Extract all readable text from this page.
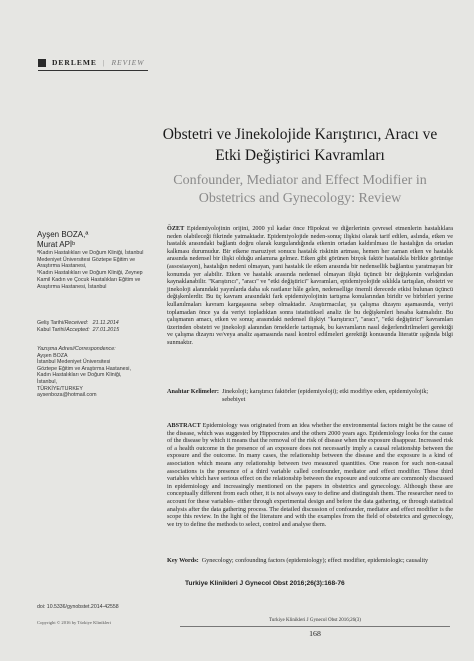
DERLEME | REVIEW
Obstetri ve Jinekolojide Karıştırıcı, Aracı ve Etki Değiştirici Kavramları
Confounder, Mediator and Effect Modifier in Obstetrics and Gynecology: Review
Ayşen BOZA,ª
Murat APİᵇ
ªKadın Hastalıkları ve Doğum Kliniği, İstanbul Medeniyet Üniversitesi Göztepe Eğitim ve Araştırma Hastanesi,
ᵇKadın Hastalıkları ve Doğum Kliniği, Zeynep Kamil Kadın ve Çocuk Hastalıkları Eğitim ve Araştırma Hastanesi, İstanbul
Geliş Tarihi/Received:	21.11.2014
Kabul Tarihi/Accepted:	27.01.2015
Yazışma Adresi/Correspondence:
Ayşen BOZA
İstanbul Medeniyet Üniversitesi
Göztepe Eğitim ve Araştırma Hastanesi,
Kadın Hastalıkları ve Doğum Kliniği,
İstanbul,
TÜRKİYE/TURKEY
aysenboza@hotmail.com
doi: 10.5336/gynobstet.2014-42558
Copyright © 2016 by Türkiye Klinikleri
ÖZET Epidemiyolojinin orijini, 2000 yıl kadar önce Hipokrat ve diğerlerinin çevresel etmenlerin hastalıklara neden olabileceği fikrinde yatmaktadır. Epidemiyolojide neden-sonuç ilişkisi olarak tarif edilen, aslında, etken ve hastalık arasındaki bağlantı doğru olarak kurgulandığında etkenin ortadan kaldırılması ile hastalığın da ortadan kalkması durumudur. Bir etkene maruziyet sonucu hastalık riskinin artması, hemen her zaman etken ve hastalık arasında nedensel bir ilişki olduğu anlamına gelmez. Etken gibi görünen birçok faktör hastalıkla birlikte görünüşe (assosiasyon), hastalığın nedeni olmayan, yani hastalık ile etken arasında bir nedensellik bağlantısı yaratmayan bir konumda yer alabilir. Etken ve hastalık arasında nedensel olmayan ilişki üçüncü bir değişkenin varlığından kaynaklanabilir. "Karıştırıcı", "aracı" ve "etki değiştirici" kavramları, epidemiyolojide sıklıkla tartışılan, obstetri ve jinekoloji alanındaki yayınlarda daha sık rastlanır hâle gelen, nedensellige önemli derecede etkisi bulunan üçüncü değişkenlerdir. Bu üç kavram arasındaki fark epidemiyolojinin tartışma konularından biridir ve birbirleri yerine kullanılmaları kavram kargaşasına sebep olmaktadır. Araştırmacılar, ya çalışma dizaynı aşamasında, veriyi toplamadan önce ya da veriyi topladıktan sonra istatistiksel analiz ile bu değişkenleri hesaba katmalıdır. Bu çalışmanın amacı, etken ve sonuç arasındaki nedensel ilişkiyi "karıştırıcı", "aracı", "etki değiştirici" kavramları üzerinden obstetri ve jinekoloji alanından örneklerle tartışmak, bu kavramların nasıl değerlendirilmeleri gerektiği ve çalışma dizaynı ve/veya analiz aşamasında nasıl kontrol edilmeleri gerektiği konusunda literatür ışığında bilgi sunmaktır.
Anahtar Kelimeler: Jinekoloji; karıştırıcı faktörler (epidemiyoloji); etki modifiye eden, epidemiyolojik; sebebiyet
ABSTRACT Epidemiology was originated from an idea whether the environmental factors might be the cause of the disease, which was suggested by Hippocrates and the others 2000 years ago. Epidemiology looks for the cause of the disease by which it means that the removal of the risk of disease when the exposure disappear. Increased risk of a health outcome in the presence of an exposure does not necessarily imply a causal relationship between the exposure and the outcome. In many cases, the relationship between the disease and the exposure is a kind of association which means any relationship between two measured quantities. One reason for such non-causal associations is the presence of a third variable called confounder, mediator and effect modifier. These third variables which have serious effect on the relationship between the exposure and outcome are commonly discussed in epidemiology and increasingly mentioned on the papers in obstetrics and gynecology. Although these are conceptually different from each other, it is not always easy to define and distinguish them. The researcher need to account for these variables- either through experimental design and before the data gathering, or through statistical analysis after the data gathering process. The detailed discussion of confounder, mediator and effect modifier is the scope this review. In the light of the literature and with the examples from the field of obstetrics and gynecology, we try to define the methods to select, control and analyse them.
Key Words: Gynecology; confounding factors (epidemiology); effect modifier, epidemiologic; causality
Turkiye Klinikleri J Gynecol Obst 2016;26(3):168-76
Turkiye Klinikleri J Gynecol Obst 2016;26(3)
168
